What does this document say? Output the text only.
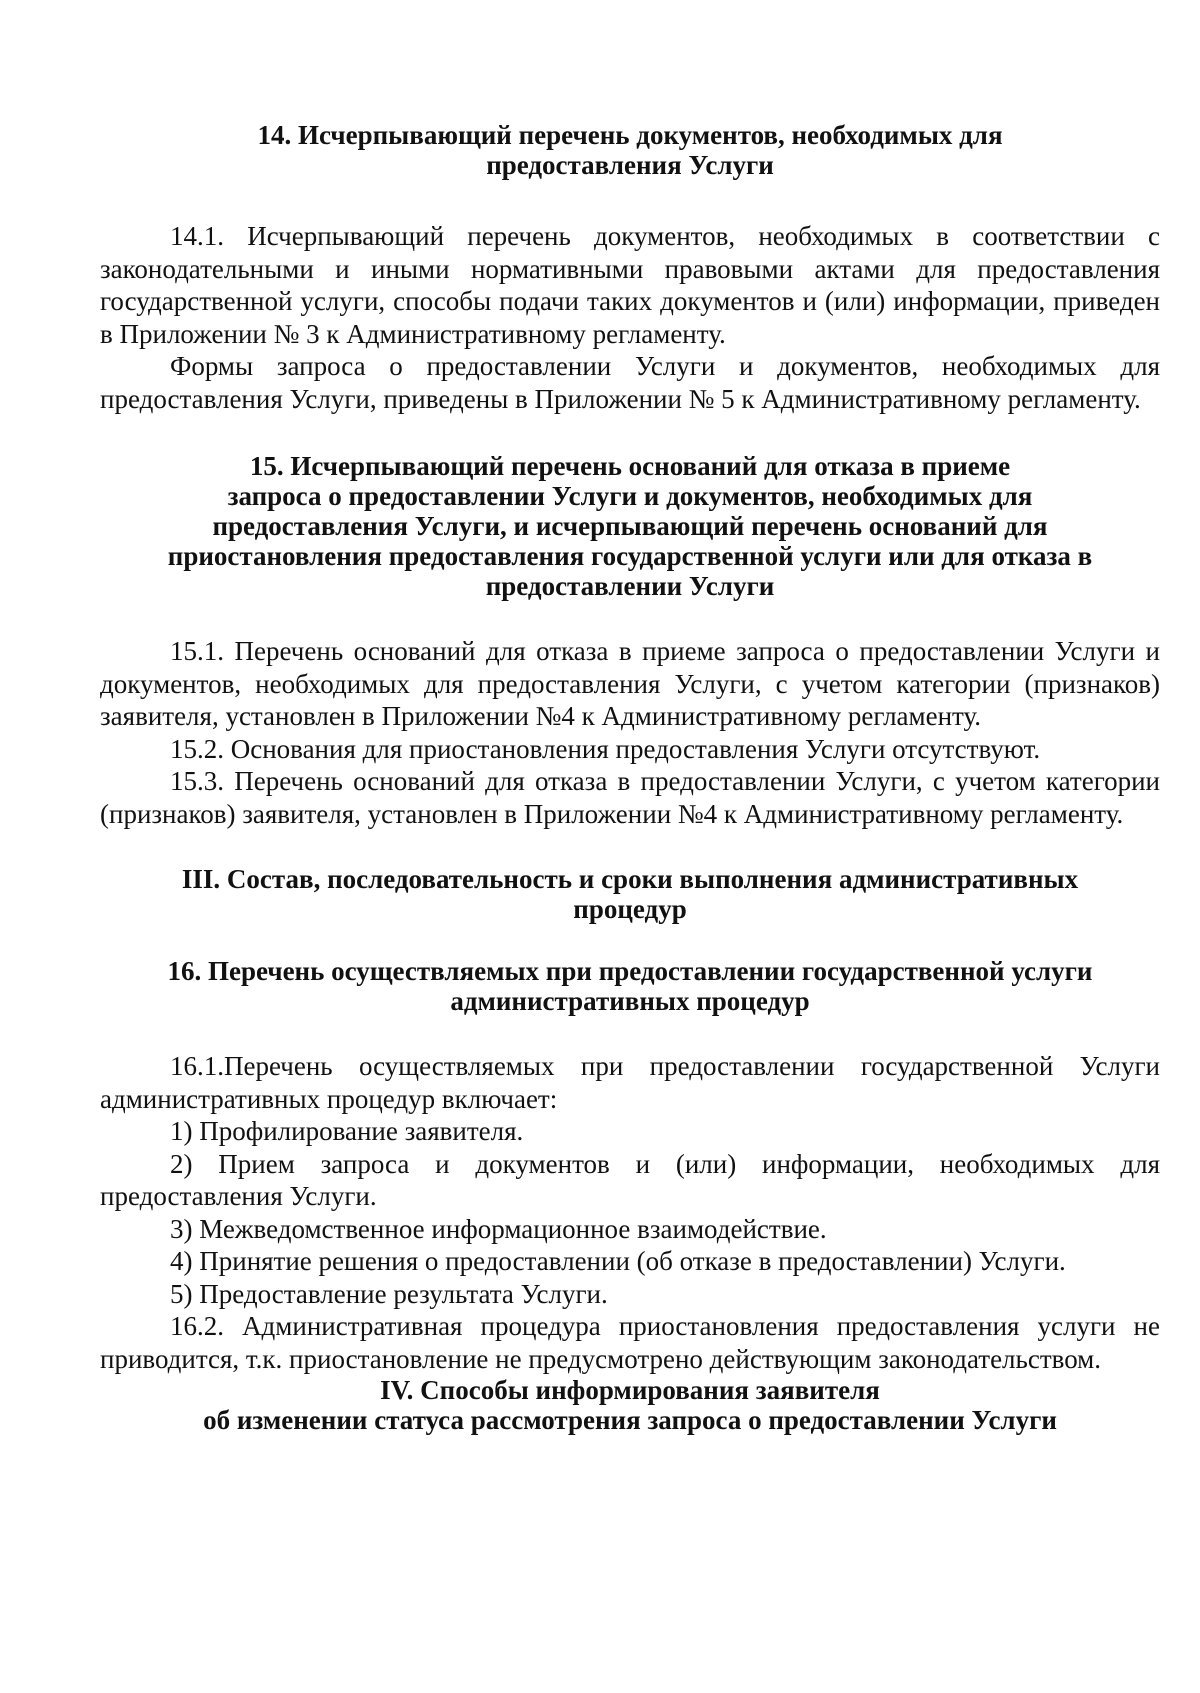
14. Исчерпывающий перечень документов, необходимых для
предоставления Услуги

14.1. Исчерпывающий перечень документов, необходимых в соответствии с законодательными и иными нормативными правовыми актами для предоставления государственной услуги, способы подачи таких документов и (или) информации, приведен в Приложении № 3 к Административному регламенту.

Формы запроса о предоставлении Услуги и документов, необходимых для предоставления Услуги, приведены в Приложении № 5 к Административному регламенту.

15. Исчерпывающий перечень оснований для отказа в приеме
запроса о предоставлении Услуги и документов, необходимых для
предоставления Услуги, и исчерпывающий перечень оснований для
приостановления предоставления государственной услуги или для отказа в
предоставлении Услуги

15.1. Перечень оснований для отказа в приеме запроса о предоставлении Услуги и документов, необходимых для предоставления Услуги, с учетом категории (признаков) заявителя, установлен в Приложении №4 к Административному регламенту.

15.2. Основания для приостановления предоставления Услуги отсутствуют.

15.3. Перечень оснований для отказа в предоставлении Услуги, с учетом категории (признаков) заявителя, установлен в Приложении №4 к Административному регламенту.

III. Состав, последовательность и сроки выполнения административных
процедур
16. Перечень осуществляемых при предоставлении государственной услуги
административных процедур

16.1.Перечень осуществляемых при предоставлении государственной Услуги административных процедур включает:

1) Профилирование заявителя.

2) Прием запроса и документов и (или) информации, необходимых для предоставления Услуги.

3) Межведомственное информационное взаимодействие.

4) Принятие решения о предоставлении (об отказе в предоставлении) Услуги.

5) Предоставление результата Услуги.

16.2. Административная процедура приостановления предоставления услуги не приводится, т.к. приостановление не предусмотрено действующим законодательством.

IV. Способы информирования заявителя
об изменении статуса рассмотрения запроса о предоставлении Услуги
